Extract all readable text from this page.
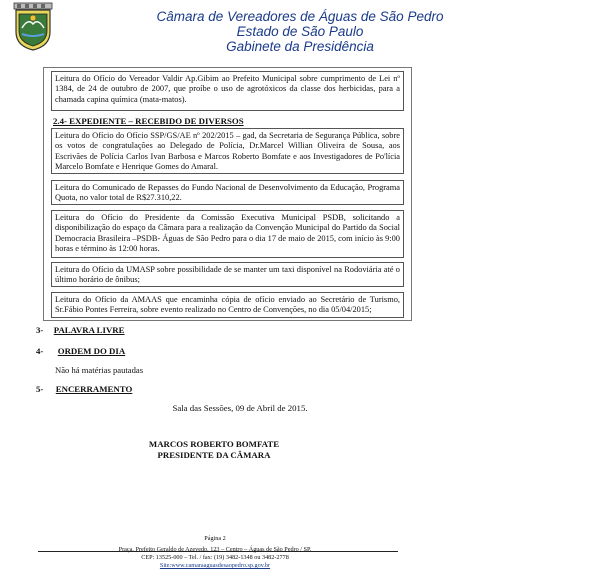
Câmara de Vereadores de Águas de São Pedro
Estado de São Paulo
Gabinete da Presidência
Leitura do Ofício do Vereador Valdir Ap.Gibim ao Prefeito Municipal sobre cumprimento de Lei nº 1384, de 24 de outubro de 2007, que proíbe o uso de agrotóxicos da classe dos herbicidas, para a chamada capina química (mata-matos).
2.4- EXPEDIENTE – RECEBIDO DE DIVERSOS
Leitura do Ofício do Ofício SSP/GS/AE nº 202/2015 – gad, da Secretaria de Segurança Pública, sobre os votos de congratulações ao Delegado de Polícia, Dr.Marcel Willian Oliveira de Sousa, aos Escrivães de Polícia Carlos Ivan Barbosa e Marcos Roberto Bomfate e aos Investigadores de Po'lícia Marcelo Bomfate e Henrique Gomes do Amaral.
Leitura do Comunicado de Repasses do Fundo Nacional de Desenvolvimento da Educação, Programa Quota, no valor total de R$27.310,22.
Leitura do Ofício do Presidente da Comissão Executiva Municipal PSDB, solicitando a disponibilização do espaço da Câmara para a realização da Convenção Municipal do Partido da Social Democracia Brasileira –PSDB- Águas de São Pedro para o dia 17 de maio de 2015, com início às 9:00 horas e término às 12:00 horas.
Leitura do Ofício da UMASP sobre possibilidade de se manter um taxi disponível na Rodoviária até o último horário de ônibus;
Leitura do Ofício da AMAAS que encaminha cópia de ofício enviado ao Secretário de Turismo, Sr.Fábio Pontes Ferreira, sobre evento realizado no Centro de Convenções, no dia 05/04/2015;
3- PALAVRA LIVRE
4- ORDEM DO DIA
Não há matérias pautadas
5- ENCERRAMENTO
Sala das Sessões, 09 de Abril de 2015.
MARCOS ROBERTO BOMFATE
PRESIDENTE DA CÂMARA
Página 2
Praça. Prefeito Geraldo de Azevedo, 123 – Centro – Águas de São Pedro / SP.
CEP: 13525-000 – Tel. / fax: (19) 3482-1348 ou 3482-2778
Site:www.camaraaguasdesaopedro.sp.gov.br
